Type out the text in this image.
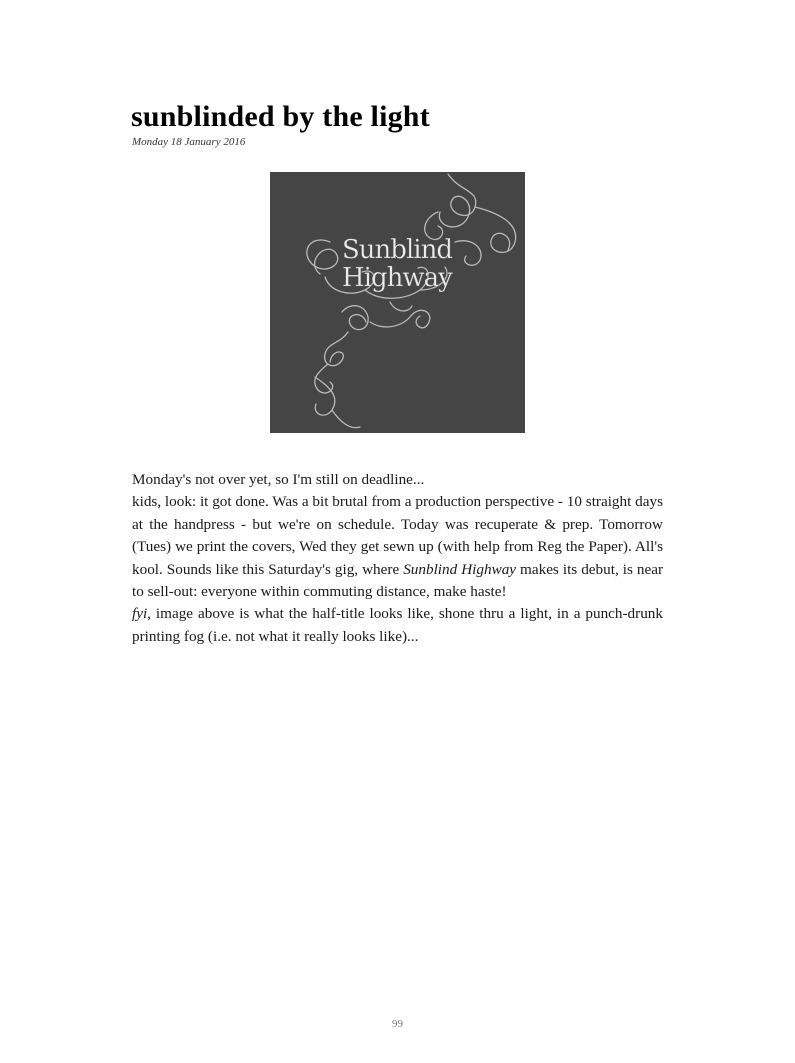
sunblinded by the light
Monday 18 January 2016
Sunblind
Highway

Monday's not over yet, so I'm still on deadline...

kids, look: it got done. Was a bit brutal from a production perspective - 10 straight days at the handpress - but we're on schedule. Today was recuperate & prep. Tomorrow (Tues) we print the covers, Wed they get sewn up (with help from Reg the Paper). All's kool. Sounds like this Saturday's gig, where Sunblind Highway makes its debut, is near to sell-out: everyone within commuting distance, make haste!

fyi, image above is what the half-title looks like, shone thru a light, in a punch-drunk printing fog (i.e. not what it really looks like)...

99
